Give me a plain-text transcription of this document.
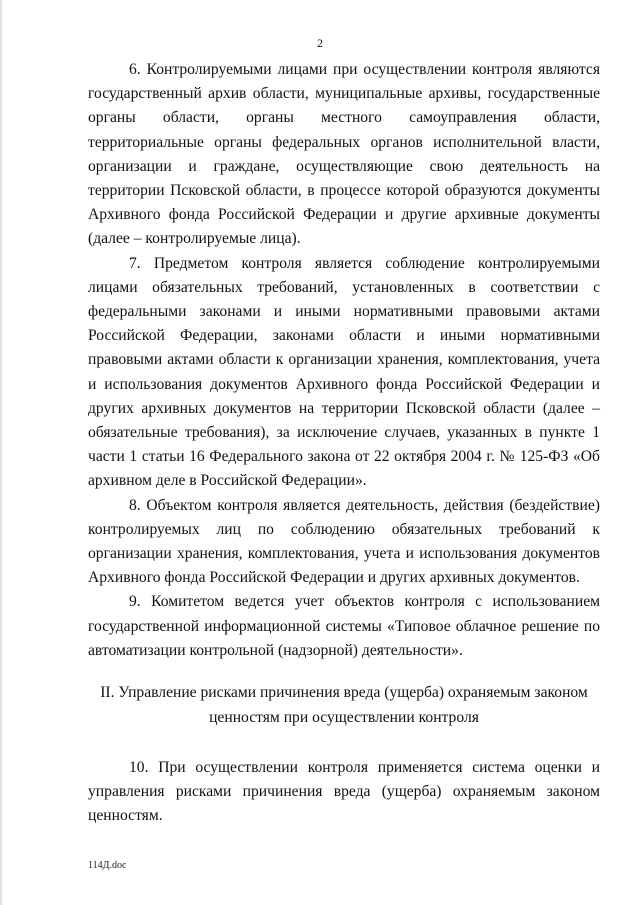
2

6. Контролируемыми лицами при осуществлении контроля являются государственный архив области, муниципальные архивы, государственные органы области, органы местного самоуправления области, территориальные органы федеральных органов исполнительной власти, организации и граждане, осуществляющие свою деятельность на территории Псковской области, в процессе которой образуются документы Архивного фонда Российской Федерации и другие архивные документы (далее – контролируемые лица).

7. Предметом контроля является соблюдение контролируемыми лицами обязательных требований, установленных в соответствии с федеральными законами и иными нормативными правовыми актами Российской Федерации, законами области и иными нормативными правовыми актами области к организации хранения, комплектования, учета и использования документов Архивного фонда Российской Федерации и других архивных документов на территории Псковской области (далее – обязательные требования), за исключение случаев, указанных в пункте 1 части 1 статьи 16 Федерального закона от 22 октября 2004 г. № 125-ФЗ «Об архивном деле в Российской Федерации».

8. Объектом контроля является деятельность, действия (бездействие) контролируемых лиц по соблюдению обязательных требований к организации хранения, комплектования, учета и использования документов Архивного фонда Российской Федерации и других архивных документов.

9. Комитетом ведется учет объектов контроля с использованием государственной информационной системы «Типовое облачное решение по автоматизации контрольной (надзорной) деятельности».

II. Управление рисками причинения вреда (ущерба) охраняемым законом ценностям при осуществлении контроля

10. При осуществлении контроля применяется система оценки и управления рисками причинения вреда (ущерба) охраняемым законом ценностям.

114Д.doc
